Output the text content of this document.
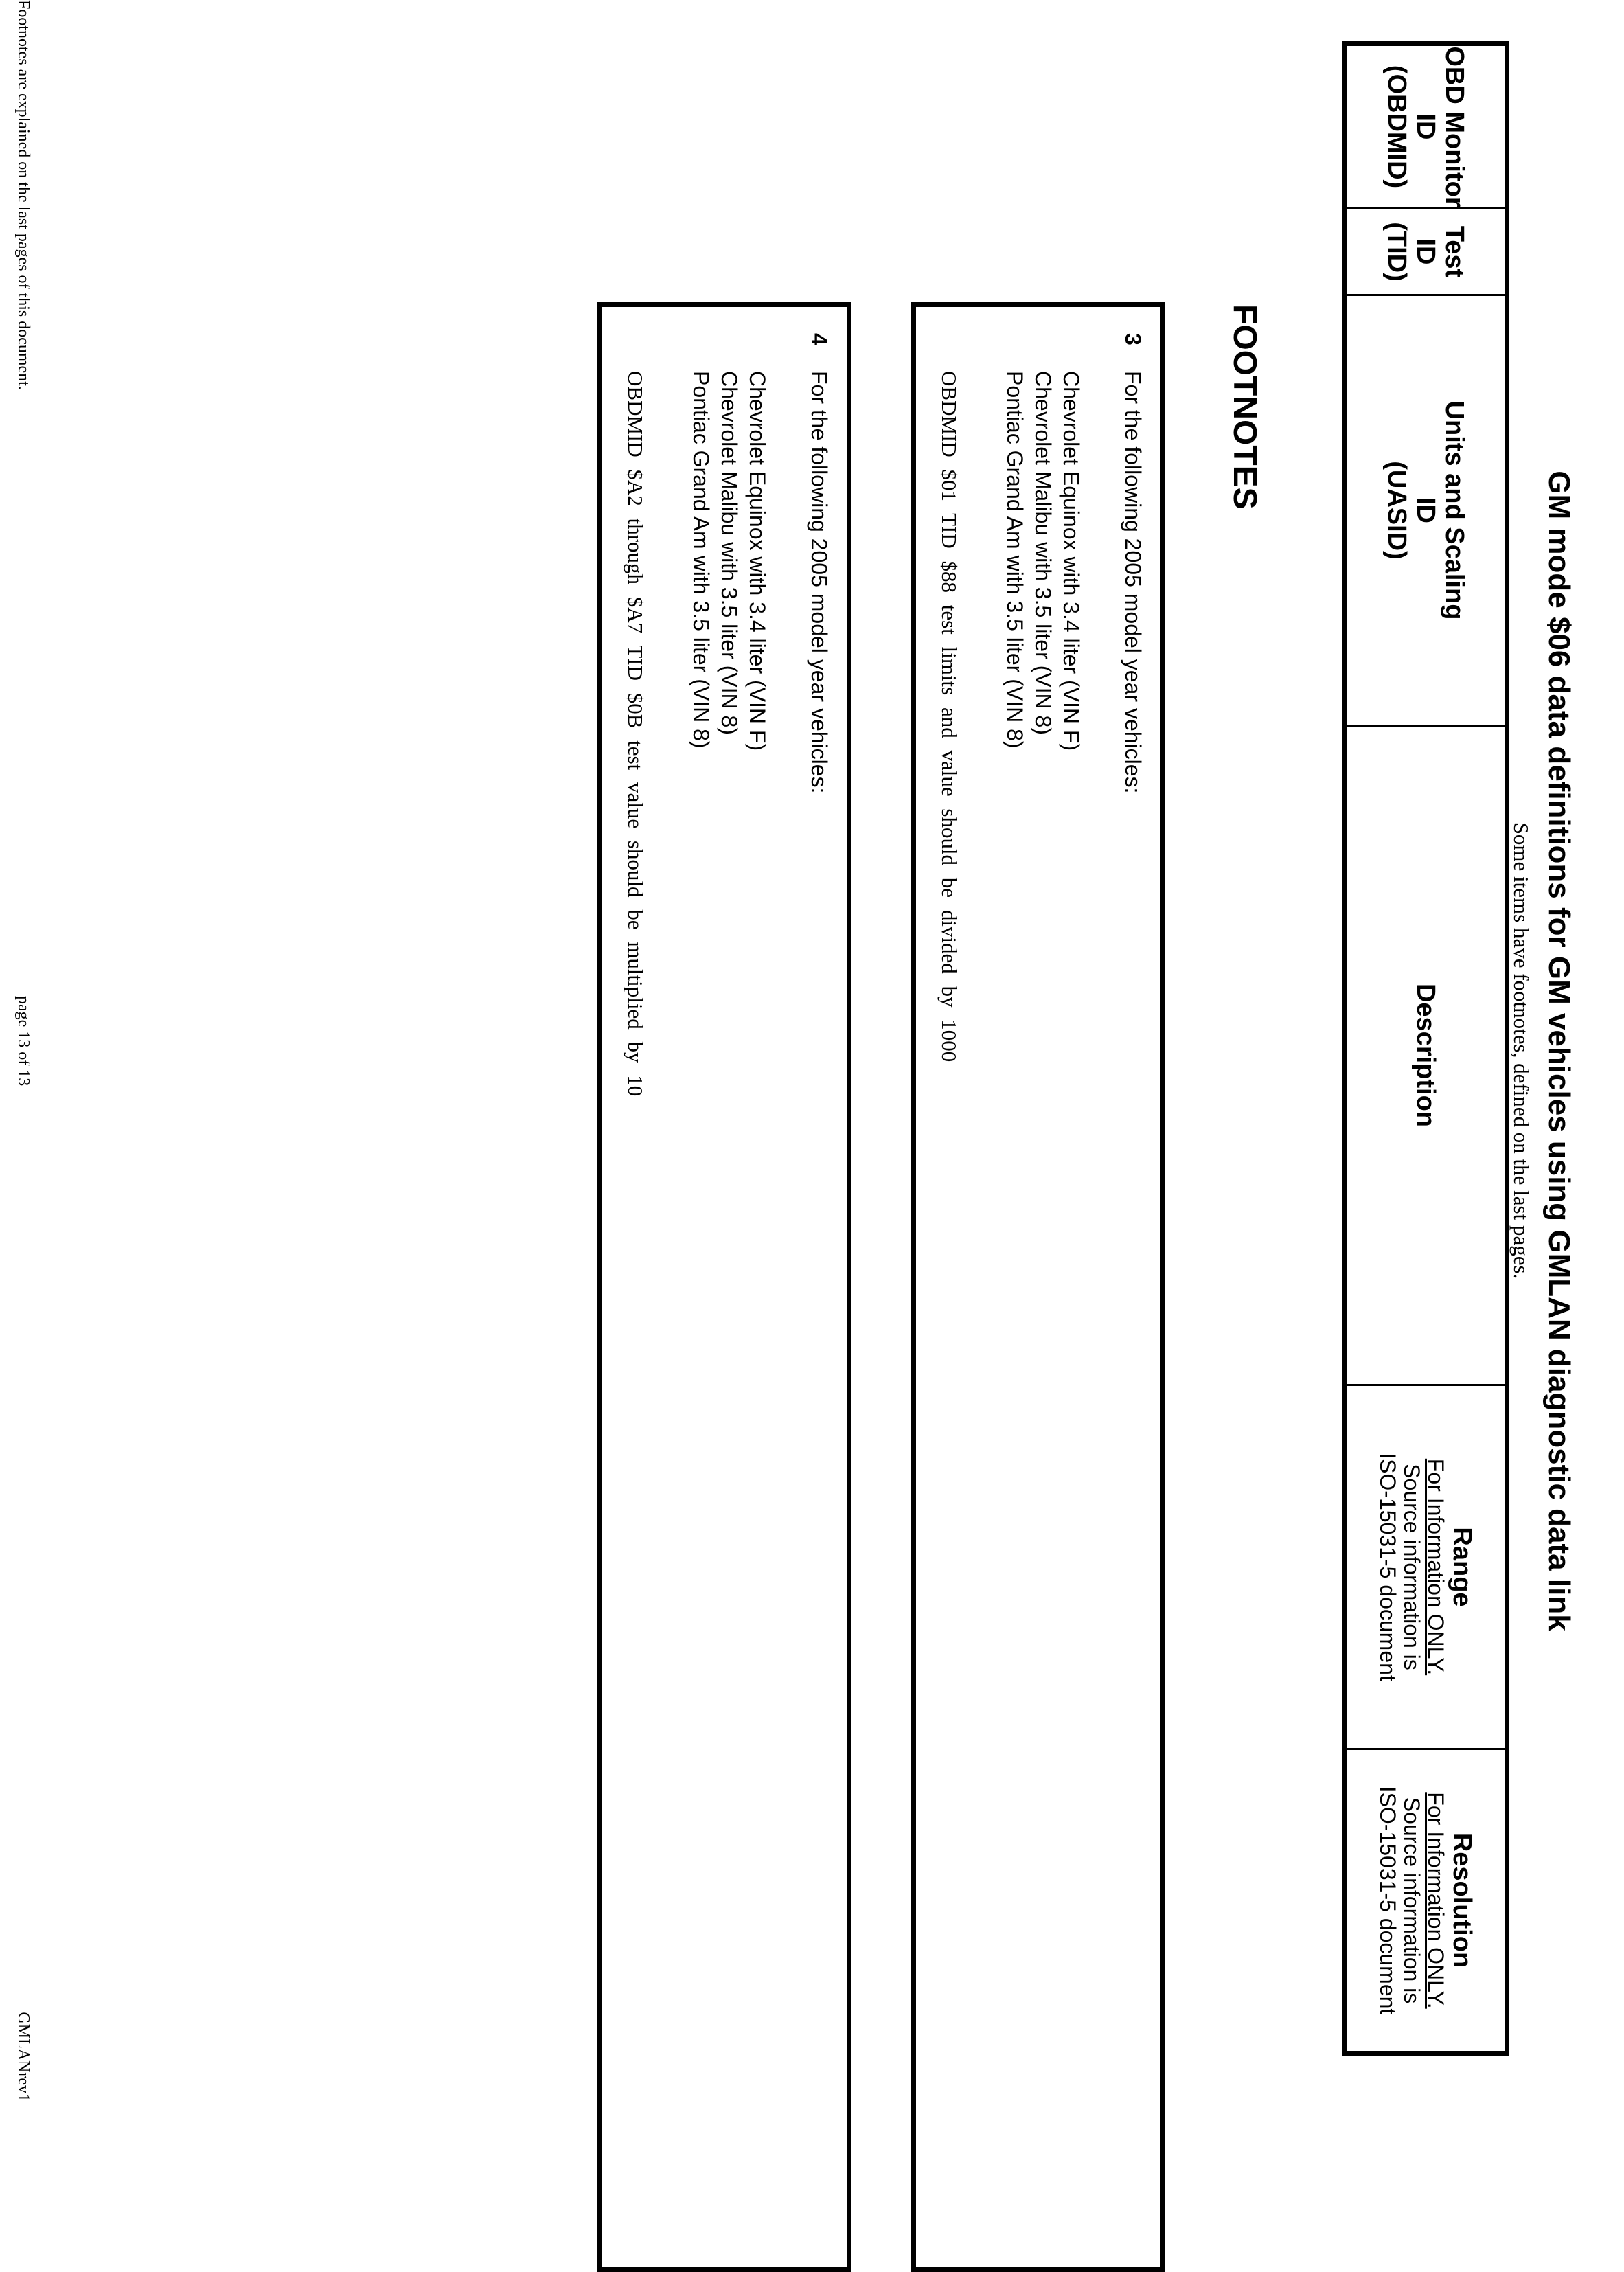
GM mode $06 data definitions for GM vehicles using GMLAN diagnostic data link
Some items have footnotes, defined on the last pages.
OBD Monitor
ID
(OBDMID)
Test
ID
(TID)
Units and Scaling
ID
(UASID)
Description
Range
For Information ONLY.
Source information is
ISO-15031-5 document
Resolution
For Information ONLY.
Source information is
ISO-15031-5 document
FOOTNOTES
3
For the following 2005 model year vehicles:
Chevrolet Equinox with 3.4 liter (VIN F)
Chevrolet Malibu with 3.5 liter (VIN 8)
Pontiac Grand Am with 3.5 liter (VIN 8)
OBDMID $01 TID $88 test limits and value should be divided by 1000
4
For the following 2005 model year vehicles:
Chevrolet Equinox with 3.4 liter (VIN F)
Chevrolet Malibu with 3.5 liter (VIN 8)
Pontiac Grand Am with 3.5 liter (VIN 8)
OBDMID $A2 through $A7 TID $0B test value should be multiplied by 10
Footnotes are explained on the last pages of this document.
page 13 of 13
GMLANrev1
